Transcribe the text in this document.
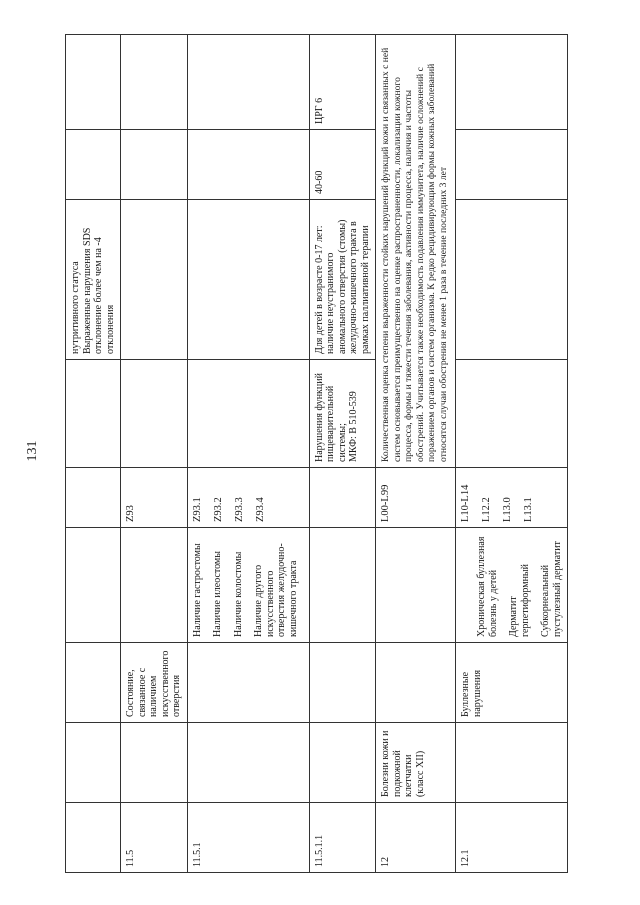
131
						нутритивного статуса
Выраженные нарушения SDS отклонение более чем на -4 отклонения		
11.5		Состояние, связанное с наличием искусственного отверстия		Z93				

11.5.1			Наличие гастростомы Наличие илеостомы Наличие колостомы Наличие другого искусственного отверстия желудочно-кишечного тракта	Z93.1 Z93.2 Z93.3 Z93.4				

11.5.1.1					Нарушения функций пищеварительной системы;
МКФ: В 510-539	Для детей в возрасте 0-17 лет:
наличие неустранимого аномального отверстия (стомы) желудочно-кишечного тракта в рамках паллиативной терапии	40-60	ЦРГ 6
12	Болезни кожи и подкожной клетчатки (класс XII)			L00-L99	Количественная оценка степени выраженности стойких нарушений функций кожи и связанных с ней систем основывается преимущественно на оценке распространенности, локализации кожного процесса, формы и тяжести течения заболевания, активности процесса, наличия и частоты обострений. Учитывается также необходимость подавления иммунитета, наличие осложнений с поражением органов и систем организма. К редко рецидивирующим формы кожных заболеваний относятся случаи обострения не менее 1 раза в течение последних 3 лет			
12.1		Буллезные нарушения	Хроническая буллезная болезнь у детей Дерматит герпетиформный Субкорнеальный пустулезный дерматит	L10-L14 L12.2 L13.0 L13.1				
